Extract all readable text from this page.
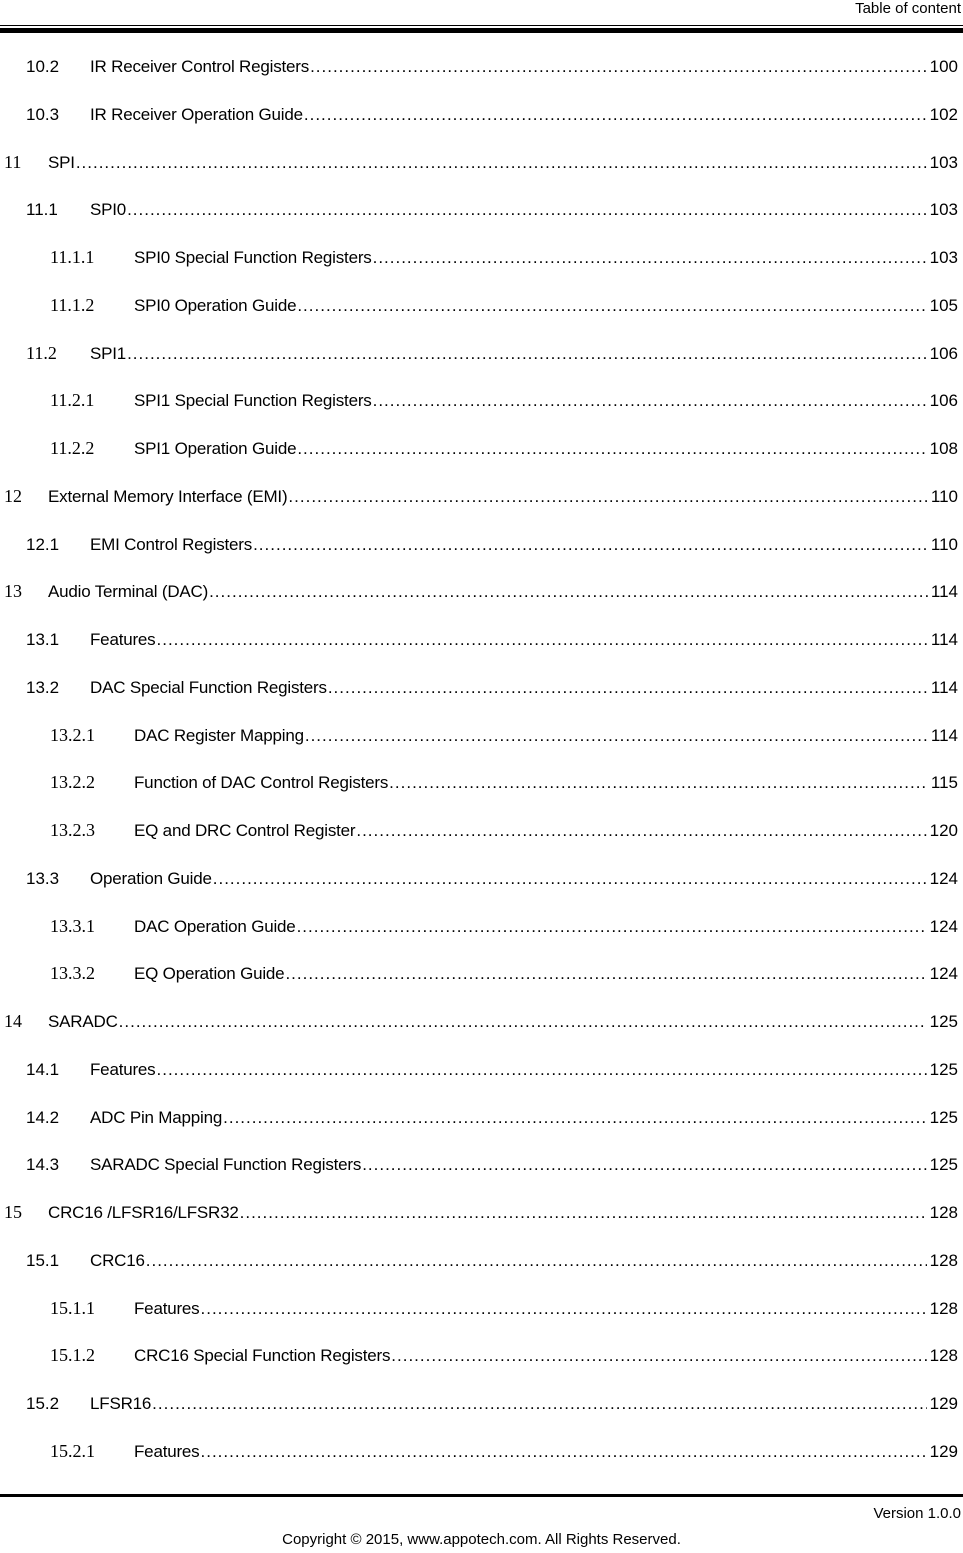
Table of content
10.2	IR Receiver Control Registers .....	100
10.3	IR Receiver Operation Guide .....	102
11	SPI .....	103
11.1	SPI0 .....	103
11.1.1	SPI0 Special Function Registers .....	103
11.1.2	SPI0 Operation Guide .....	105
11.2	SPI1 .....	106
11.2.1	SPI1 Special Function Registers .....	106
11.2.2	SPI1 Operation Guide .....	108
12	External Memory Interface (EMI) .....	110
12.1	EMI Control Registers .....	110
13	Audio Terminal (DAC) .....	114
13.1	Features .....	114
13.2	DAC Special Function Registers .....	114
13.2.1	DAC Register Mapping .....	114
13.2.2	Function of DAC Control Registers .....	115
13.2.3	EQ and DRC Control Register .....	120
13.3	Operation Guide .....	124
13.3.1	DAC Operation Guide .....	124
13.3.2	EQ Operation Guide .....	124
14	SARADC .....	125
14.1	Features .....	125
14.2	ADC Pin Mapping .....	125
14.3	SARADC Special Function Registers .....	125
15	CRC16 /LFSR16/LFSR32 .....	128
15.1	CRC16 .....	128
15.1.1	Features .....	128
15.1.2	CRC16 Special Function Registers .....	128
15.2	LFSR16 .....	129
15.2.1	Features .....	129
Version 1.0.0
Copyright © 2015, www.appotech.com. All Rights Reserved.
